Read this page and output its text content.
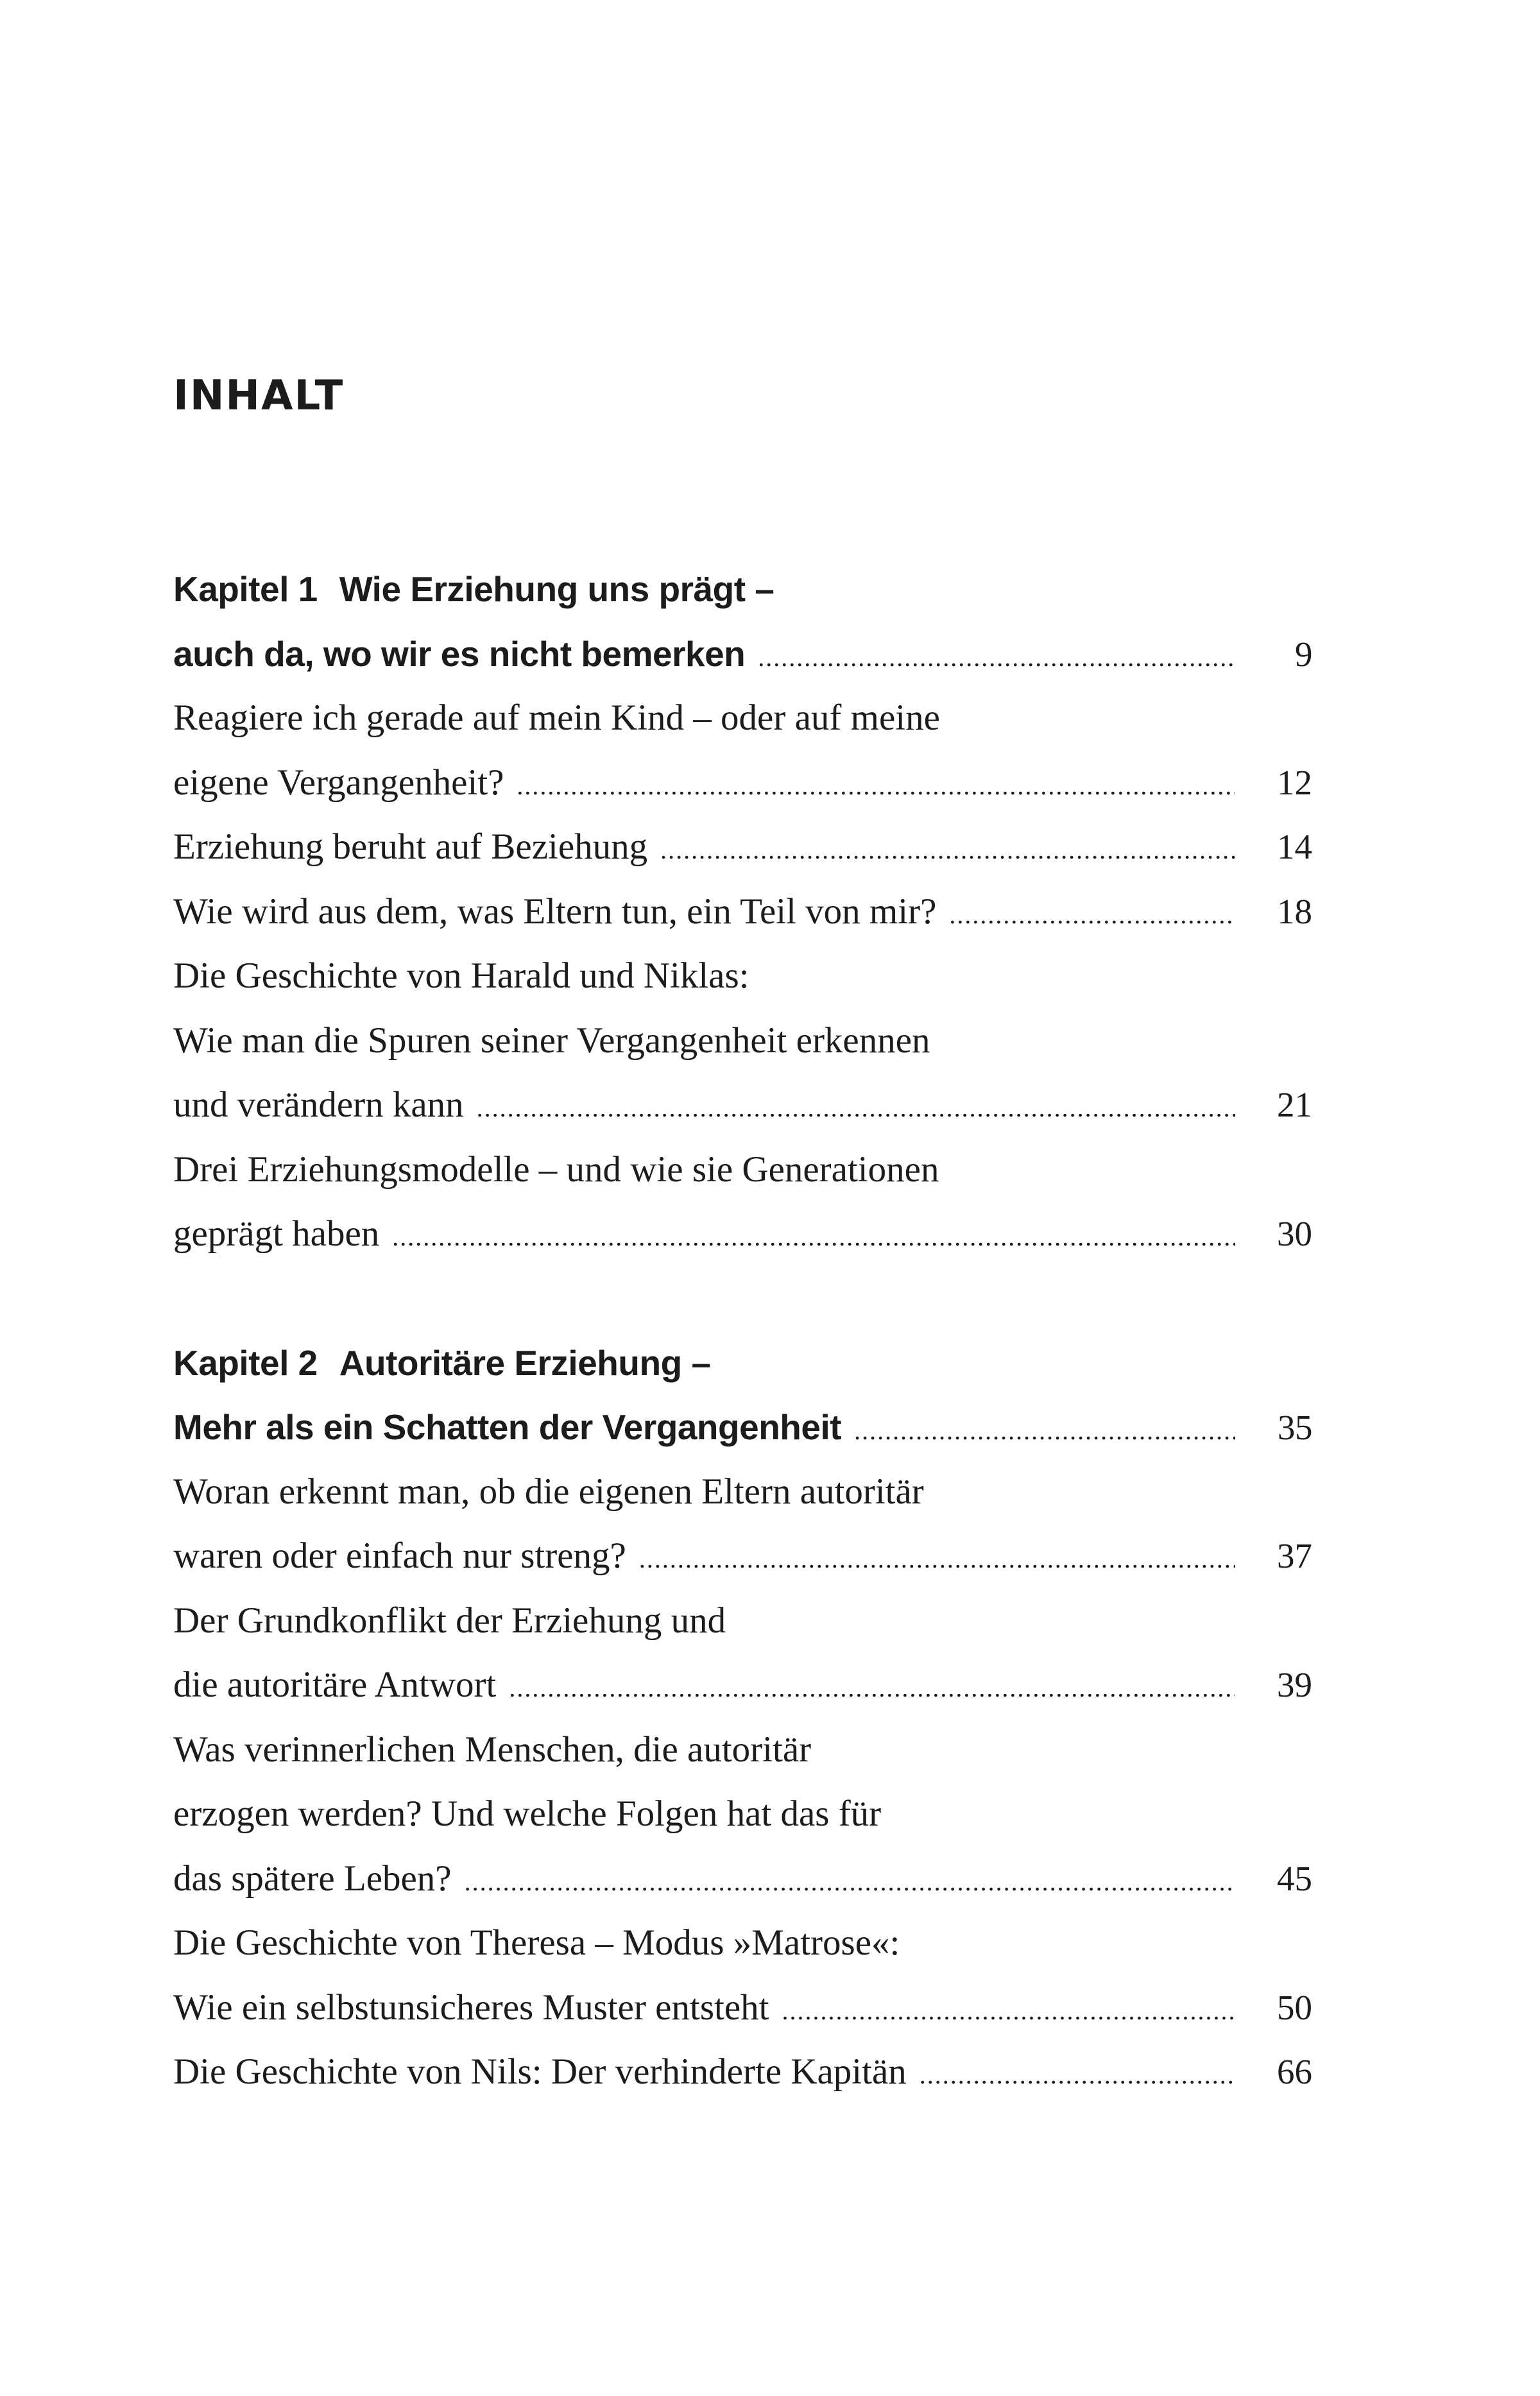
INHALT
Kapitel 1 Wie Erziehung uns prägt –
auch da, wo wir es nicht bemerken .....	9
Reagiere ich gerade auf mein Kind – oder auf meine
eigene Vergangenheit? .....	12
Erziehung beruht auf Beziehung .....	14
Wie wird aus dem, was Eltern tun, ein Teil von mir? .....	18
Die Geschichte von Harald und Niklas:
Wie man die Spuren seiner Vergangenheit erkennen
und verändern kann .....	21
Drei Erziehungsmodelle – und wie sie Generationen
geprägt haben .....	30
Kapitel 2 Autoritäre Erziehung –
Mehr als ein Schatten der Vergangenheit .....	35
Woran erkennt man, ob die eigenen Eltern autoritär
waren oder einfach nur streng? .....	37
Der Grundkonflikt der Erziehung und
die autoritäre Antwort .....	39
Was verinnerlichen Menschen, die autoritär
erzogen werden? Und welche Folgen hat das für
das spätere Leben? .....	45
Die Geschichte von Theresa – Modus »Matrose«:
Wie ein selbstunsicheres Muster entsteht .....	50
Die Geschichte von Nils: Der verhinderte Kapitän .....	66
